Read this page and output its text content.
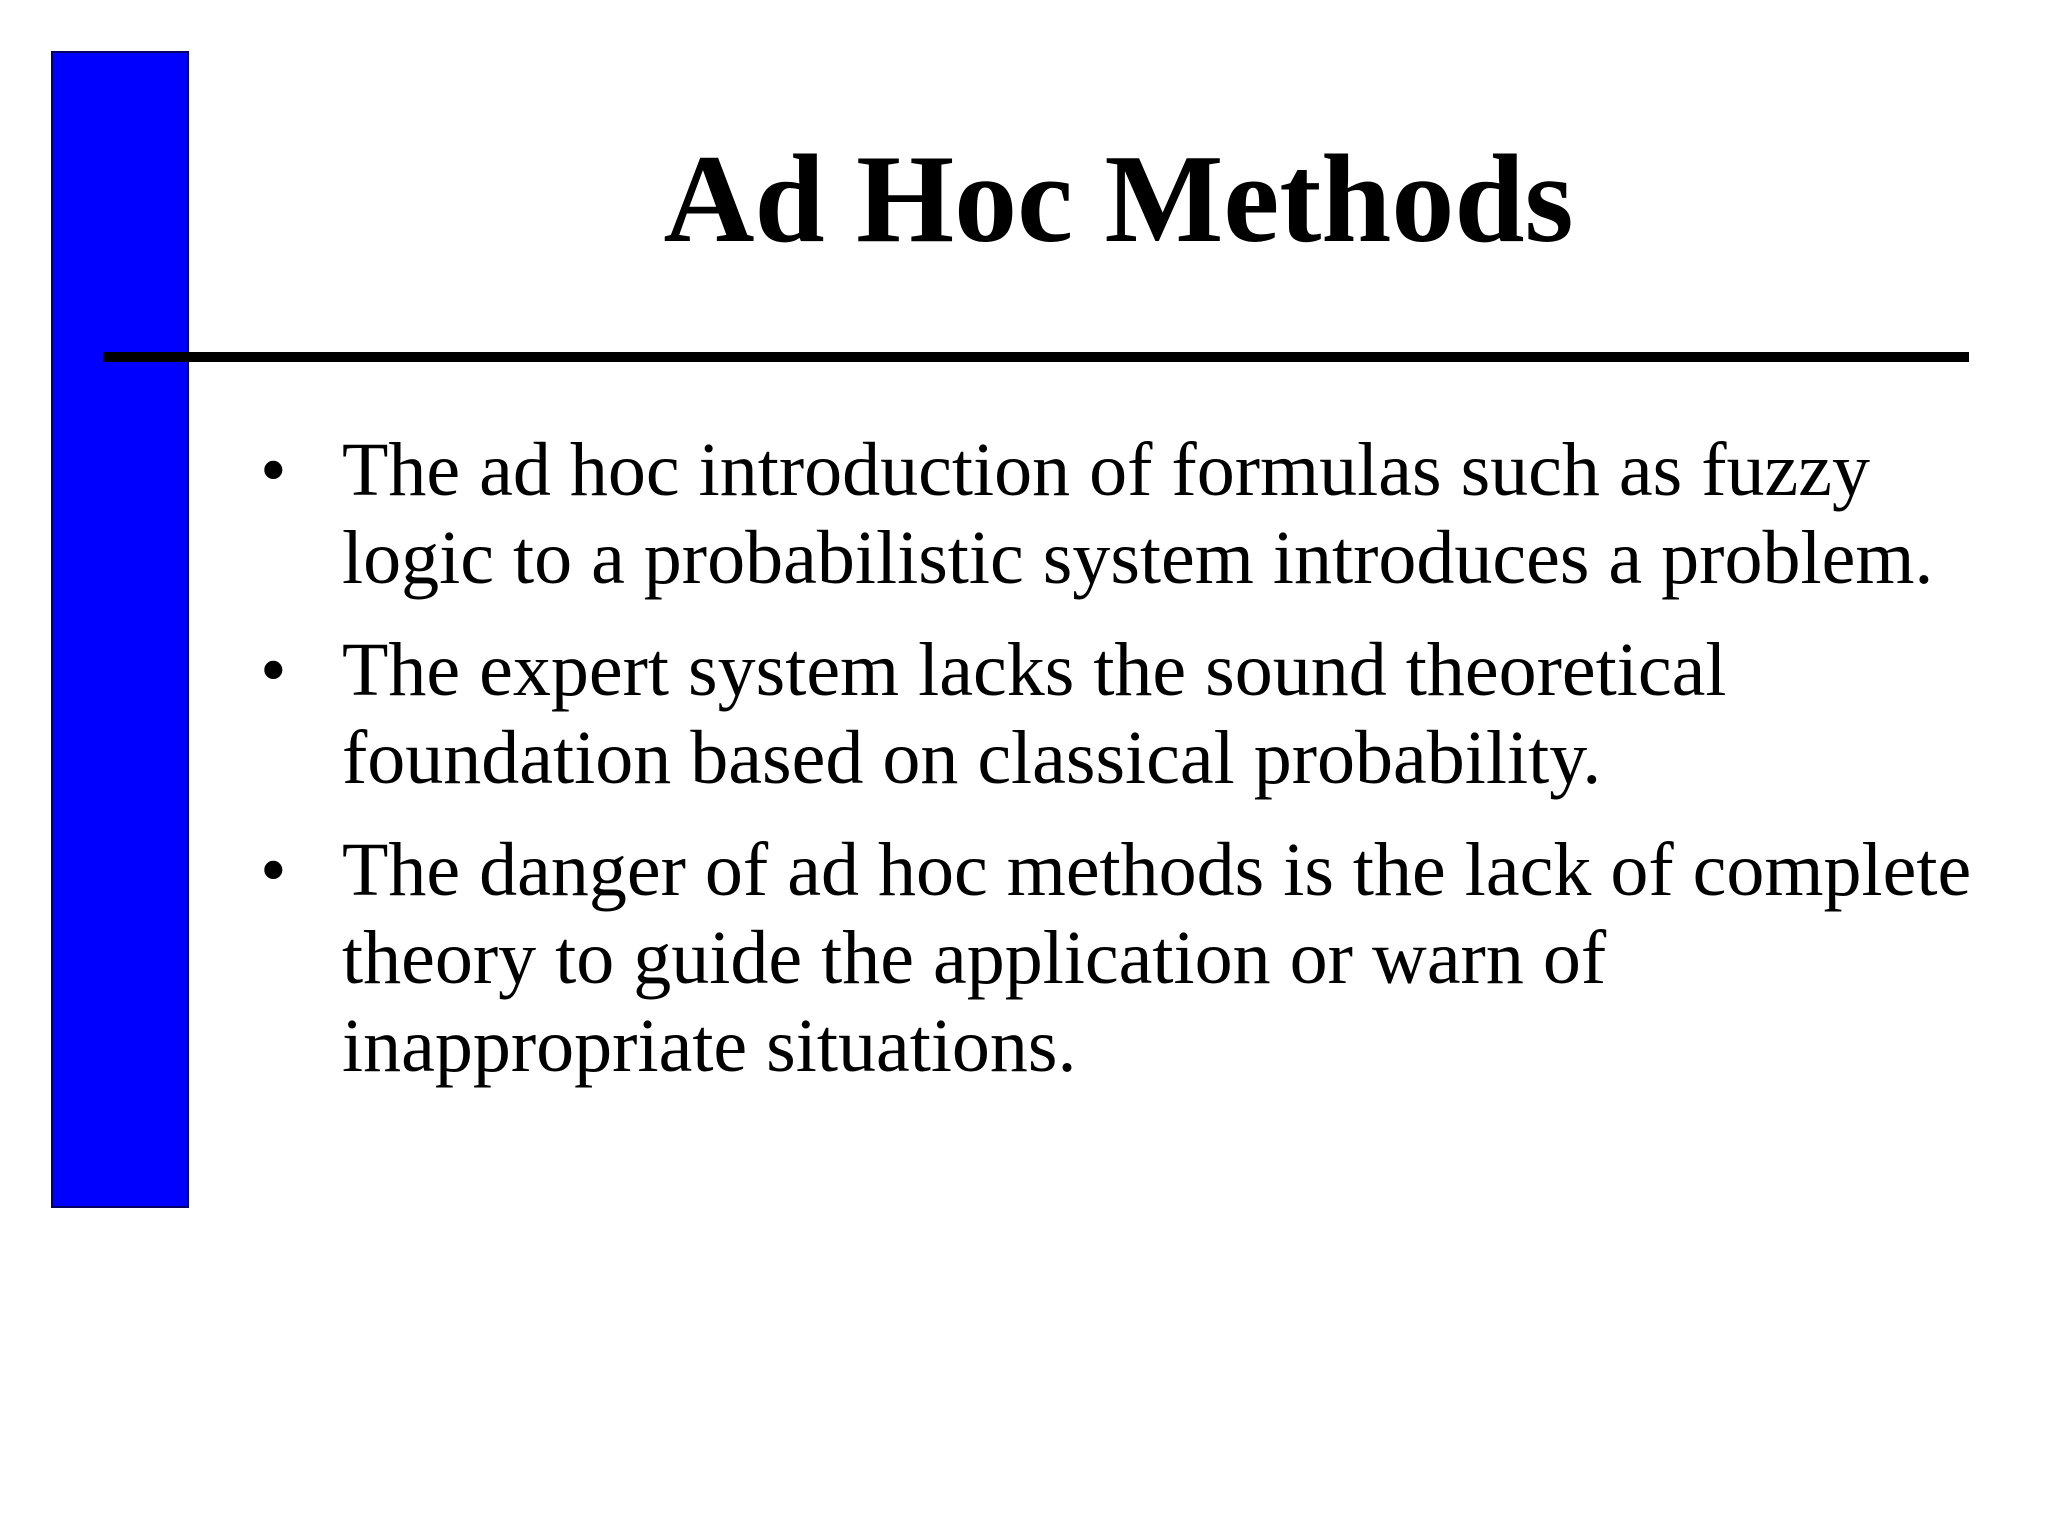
Ad Hoc Methods
• The ad hoc introduction of formulas such as fuzzy logic to a probabilistic system introduces a problem.
• The expert system lacks the sound theoretical foundation based on classical probability.
• The danger of ad hoc methods is the lack of complete theory to guide the application or warn of inappropriate situations.
